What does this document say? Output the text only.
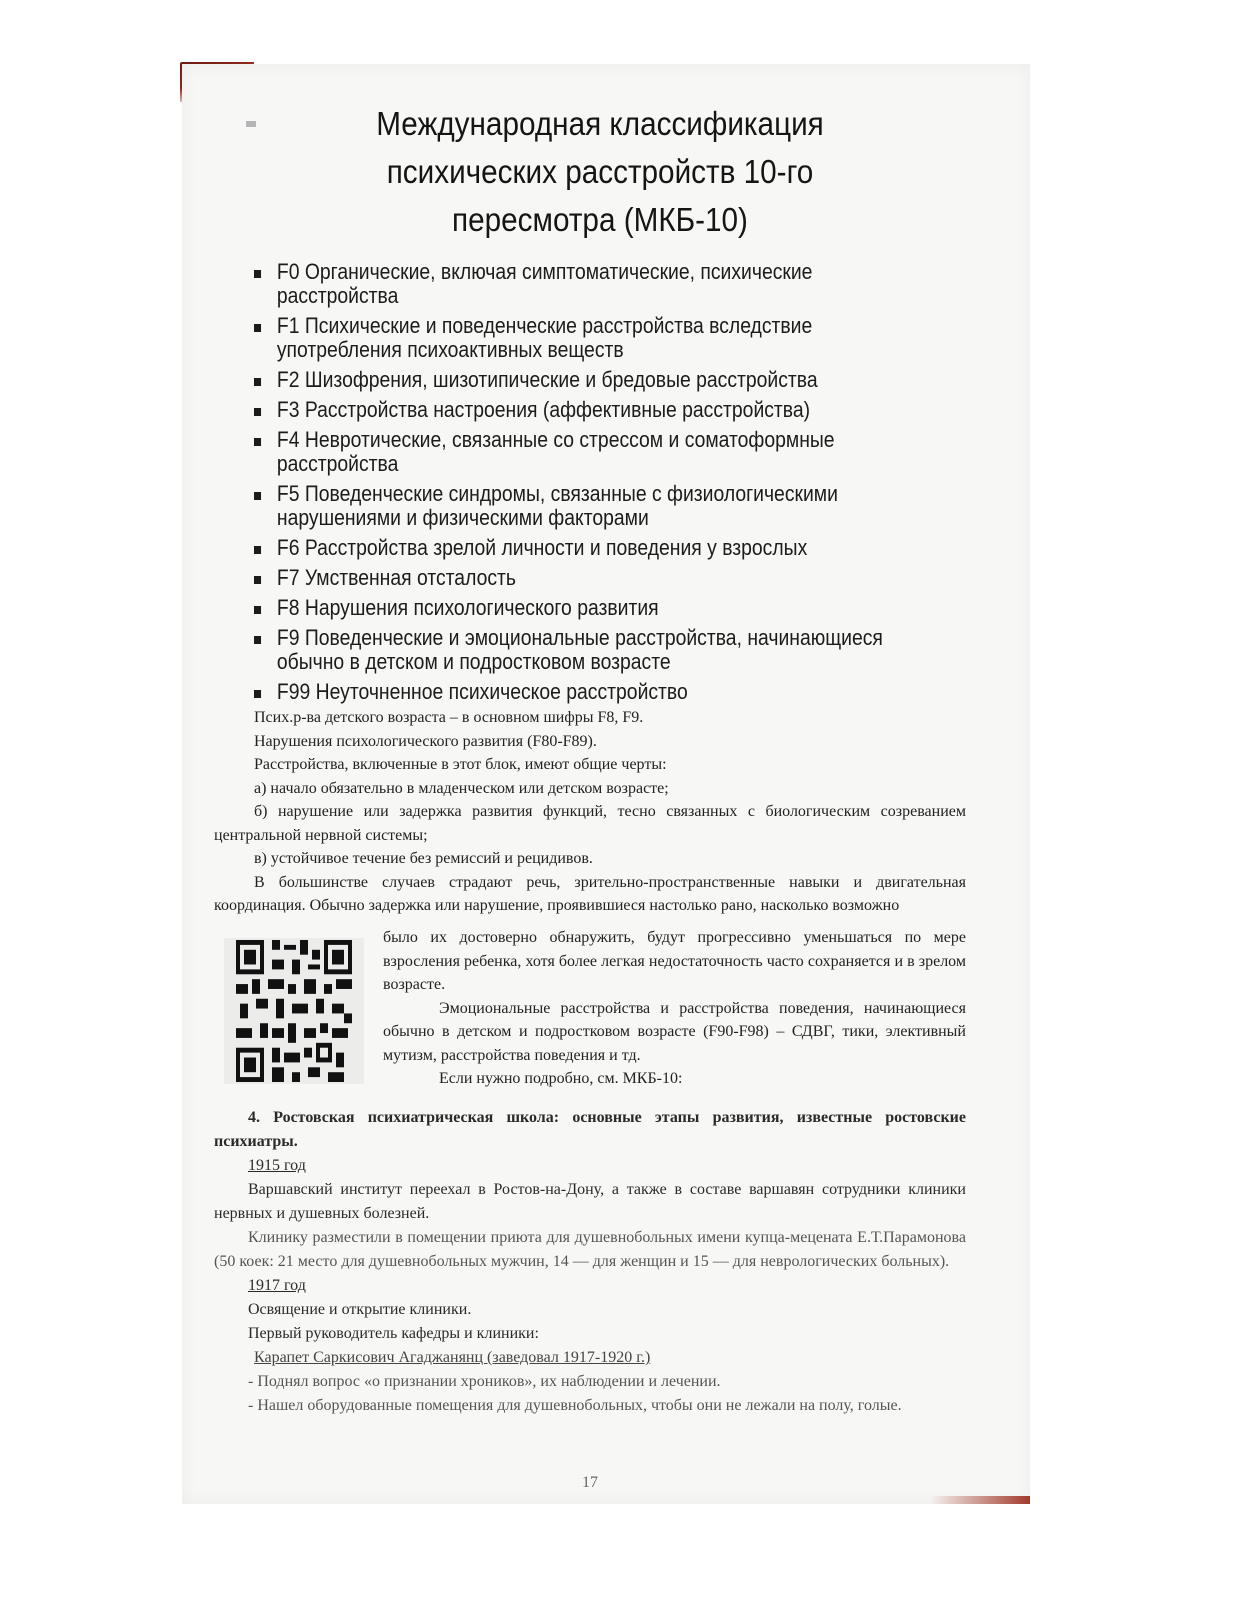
Международная классификация психических расстройств 10-го пересмотра (МКБ-10)
F0 Органические, включая симптоматические, психические расстройства
F1 Психические и поведенческие расстройства вследствие употребления психоактивных веществ
F2 Шизофрения, шизотипические и бредовые расстройства
F3 Расстройства настроения (аффективные расстройства)
F4 Невротические, связанные со стрессом и соматоформные расстройства
F5 Поведенческие синдромы, связанные с физиологическими нарушениями и физическими факторами
F6 Расстройства зрелой личности и поведения у взрослых
F7 Умственная отсталость
F8 Нарушения психологического развития
F9 Поведенческие и эмоциональные расстройства, начинающиеся обычно в детском и подростковом возрасте
F99 Неуточненное психическое расстройство

Псих.р-ва детского возраста – в основном шифры F8, F9.

Нарушения психологического развития (F80-F89).

Расстройства, включенные в этот блок, имеют общие черты:

а) начало обязательно в младенческом или детском возрасте;

б) нарушение или задержка развития функций, тесно связанных с биологическим созреванием центральной нервной системы;

в) устойчивое течение без ремиссий и рецидивов.

В большинстве случаев страдают речь, зрительно-пространственные навыки и двигательная координация. Обычно задержка или нарушение, проявившиеся настолько рано, насколько возможно

было их достоверно обнаружить, будут прогрессивно уменьшаться по мере взросления ребенка, хотя более легкая недостаточность часто сохраняется и в зрелом возрасте.

Эмоциональные расстройства и расстройства поведения, начинающиеся обычно в детском и подростковом возрасте (F90-F98) – СДВГ, тики, элективный мутизм, расстройства поведения и тд.

Если нужно подробно, см. МКБ-10:

4. Ростовская психиатрическая школа: основные этапы развития, известные ростовские психиатры.

1915 год

Варшавский институт переехал в Ростов-на-Дону, а также в составе варшавян сотрудники клиники нервных и душевных болезней.

Клинику разместили в помещении приюта для душевнобольных имени купца-мецената Е.Т.Парамонова (50 коек: 21 место для душевнобольных мужчин, 14 — для женщин и 15 — для неврологических больных).

1917 год

Освящение и открытие клиники.

Первый руководитель кафедры и клиники:

Карапет Саркисович Агаджанянц (заведовал 1917-1920 г.)

- Поднял вопрос «о признании хроников», их наблюдении и лечении.

- Нашел оборудованные помещения для душевнобольных, чтобы они не лежали на полу, голые.

17
